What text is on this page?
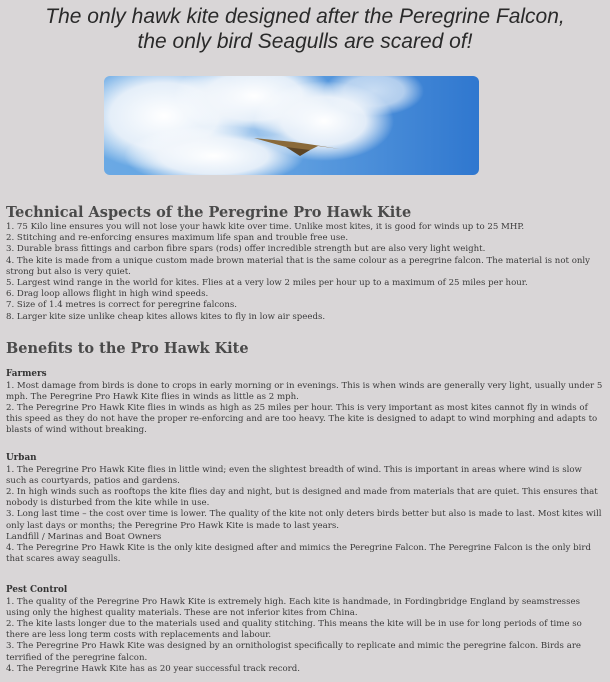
The only hawk kite designed after the Peregrine Falcon, the only bird Seagulls are scared of!
Technical Aspects of the Peregrine Pro Hawk Kite

1. 75 Kilo line ensures you will not lose your hawk kite over time. Unlike most kites, it is good for winds up to 25 MHP.

2. Stitching and re-enforcing ensures maximum life span and trouble free use.

3. Durable brass fittings and carbon fibre spars (rods) offer incredible strength but are also very light weight.

4. The kite is made from a unique custom made brown material that is the same colour as a peregrine falcon. The material is not only strong but also is very quiet.

5. Largest wind range in the world for kites. Flies at a very low 2 miles per hour up to a maximum of 25 miles per hour.

6. Drag loop allows flight in high wind speeds.

7. Size of 1.4 metres is correct for peregrine falcons.

8. Larger kite size unlike cheap kites allows kites to fly in low air speeds.

Benefits to the Pro Hawk Kite
Farmers

1. Most damage from birds is done to crops in early morning or in evenings. This is when winds are generally very light, usually under 5 mph. The Peregrine Pro Hawk Kite flies in winds as little as 2 mph.

2. The Peregrine Pro Hawk Kite flies in winds as high as 25 miles per hour. This is very important as most kites cannot fly in winds of this speed as they do not have the proper re-enforcing and are too heavy. The kite is designed to adapt to wind morphing and adapts to blasts of wind without breaking.

Urban

1. The Peregrine Pro Hawk Kite flies in little wind; even the slightest breadth of wind. This is important in areas where wind is slow such as courtyards, patios and gardens.

2. In high winds such as rooftops the kite flies day and night, but is designed and made from materials that are quiet. This ensures that nobody is disturbed from the kite while in use.

3. Long last time – the cost over time is lower. The quality of the kite not only deters birds better but also is made to last. Most kites will only last days or months; the Peregrine Pro Hawk Kite is made to last years.

Landfill / Marinas and Boat Owners

4. The Peregrine Pro Hawk Kite is the only kite designed after and mimics the Peregrine Falcon. The Peregrine Falcon is the only bird that scares away seagulls.

Pest Control

1. The quality of the Peregrine Pro Hawk Kite is extremely high. Each kite is handmade, in Fordingbridge England by seamstresses using only the highest quality materials. These are not inferior kites from China.

2. The kite lasts longer due to the materials used and quality stitching. This means the kite will be in use for long periods of time so there are less long term costs with replacements and labour.

3. The Peregrine Pro Hawk Kite was designed by an ornithologist specifically to replicate and mimic the peregrine falcon. Birds are terrified of the peregrine falcon.

4. The Peregrine Hawk Kite has as 20 year successful track record.
